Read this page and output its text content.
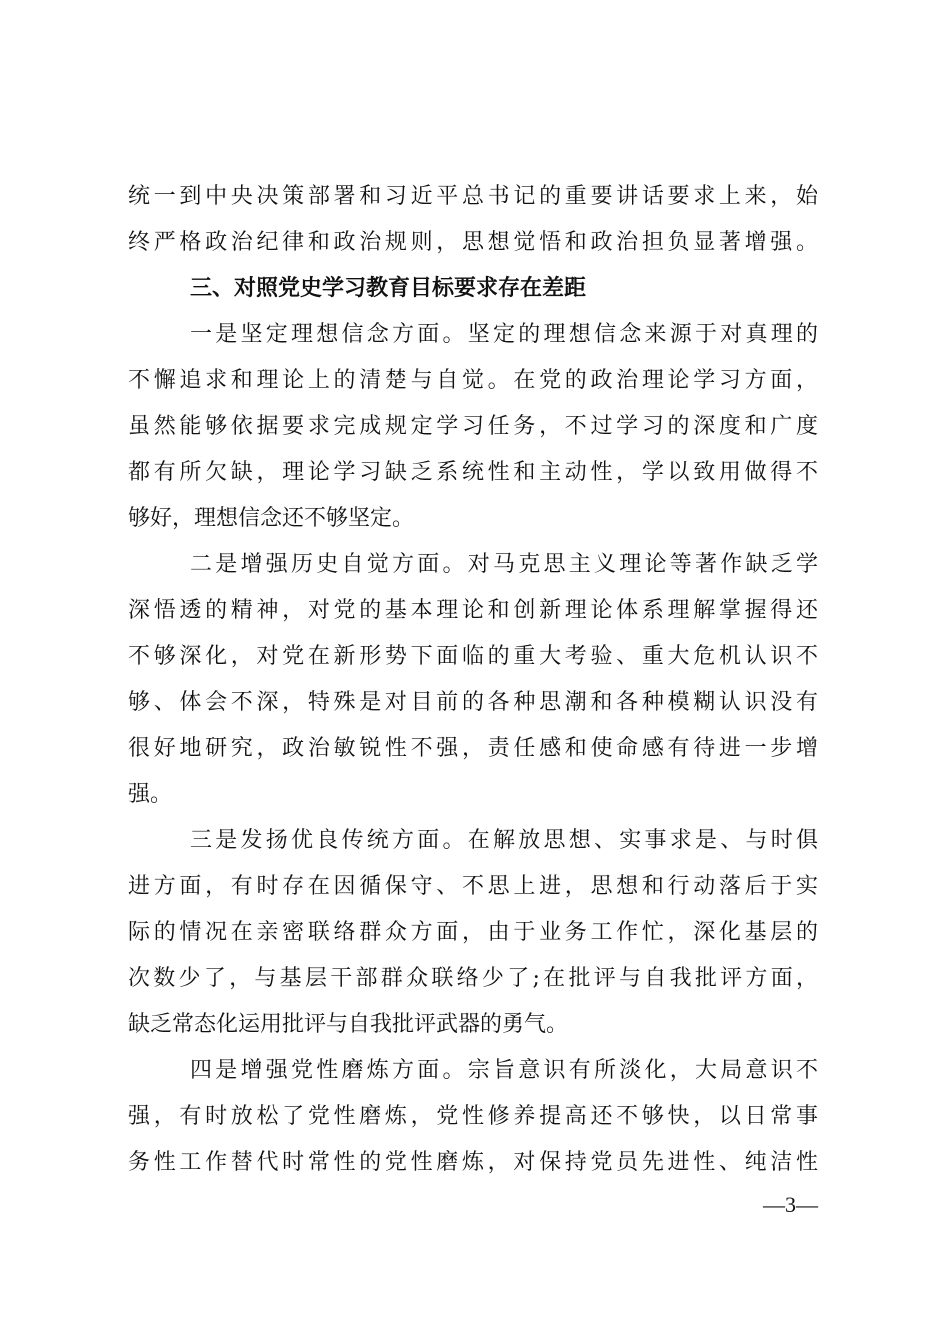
统一到中央决策部署和习近平总书记的重要讲话要求上来，始
终严格政治纪律和政治规则，思想觉悟和政治担负显著增强。
三、对照党史学习教育目标要求存在差距
一是坚定理想信念方面。坚定的理想信念来源于对真理的
不懈追求和理论上的清楚与自觉。在党的政治理论学习方面，
虽然能够依据要求完成规定学习任务，不过学习的深度和广度
都有所欠缺，理论学习缺乏系统性和主动性，学以致用做得不
够好，理想信念还不够坚定。
二是增强历史自觉方面。对马克思主义理论等著作缺乏学
深悟透的精神，对党的基本理论和创新理论体系理解掌握得还
不够深化，对党在新形势下面临的重大考验、重大危机认识不
够、体会不深，特殊是对目前的各种思潮和各种模糊认识没有
很好地研究，政治敏锐性不强，责任感和使命感有待进一步增
强。
三是发扬优良传统方面。在解放思想、实事求是、与时俱
进方面，有时存在因循保守、不思上进，思想和行动落后于实
际的情况在亲密联络群众方面，由于业务工作忙，深化基层的
次数少了，与基层干部群众联络少了;在批评与自我批评方面，
缺乏常态化运用批评与自我批评武器的勇气。
四是增强党性磨炼方面。宗旨意识有所淡化，大局意识不
强，有时放松了党性磨炼，党性修养提高还不够快，以日常事
务性工作替代时常性的党性磨炼，对保持党员先进性、纯洁性
—3—
